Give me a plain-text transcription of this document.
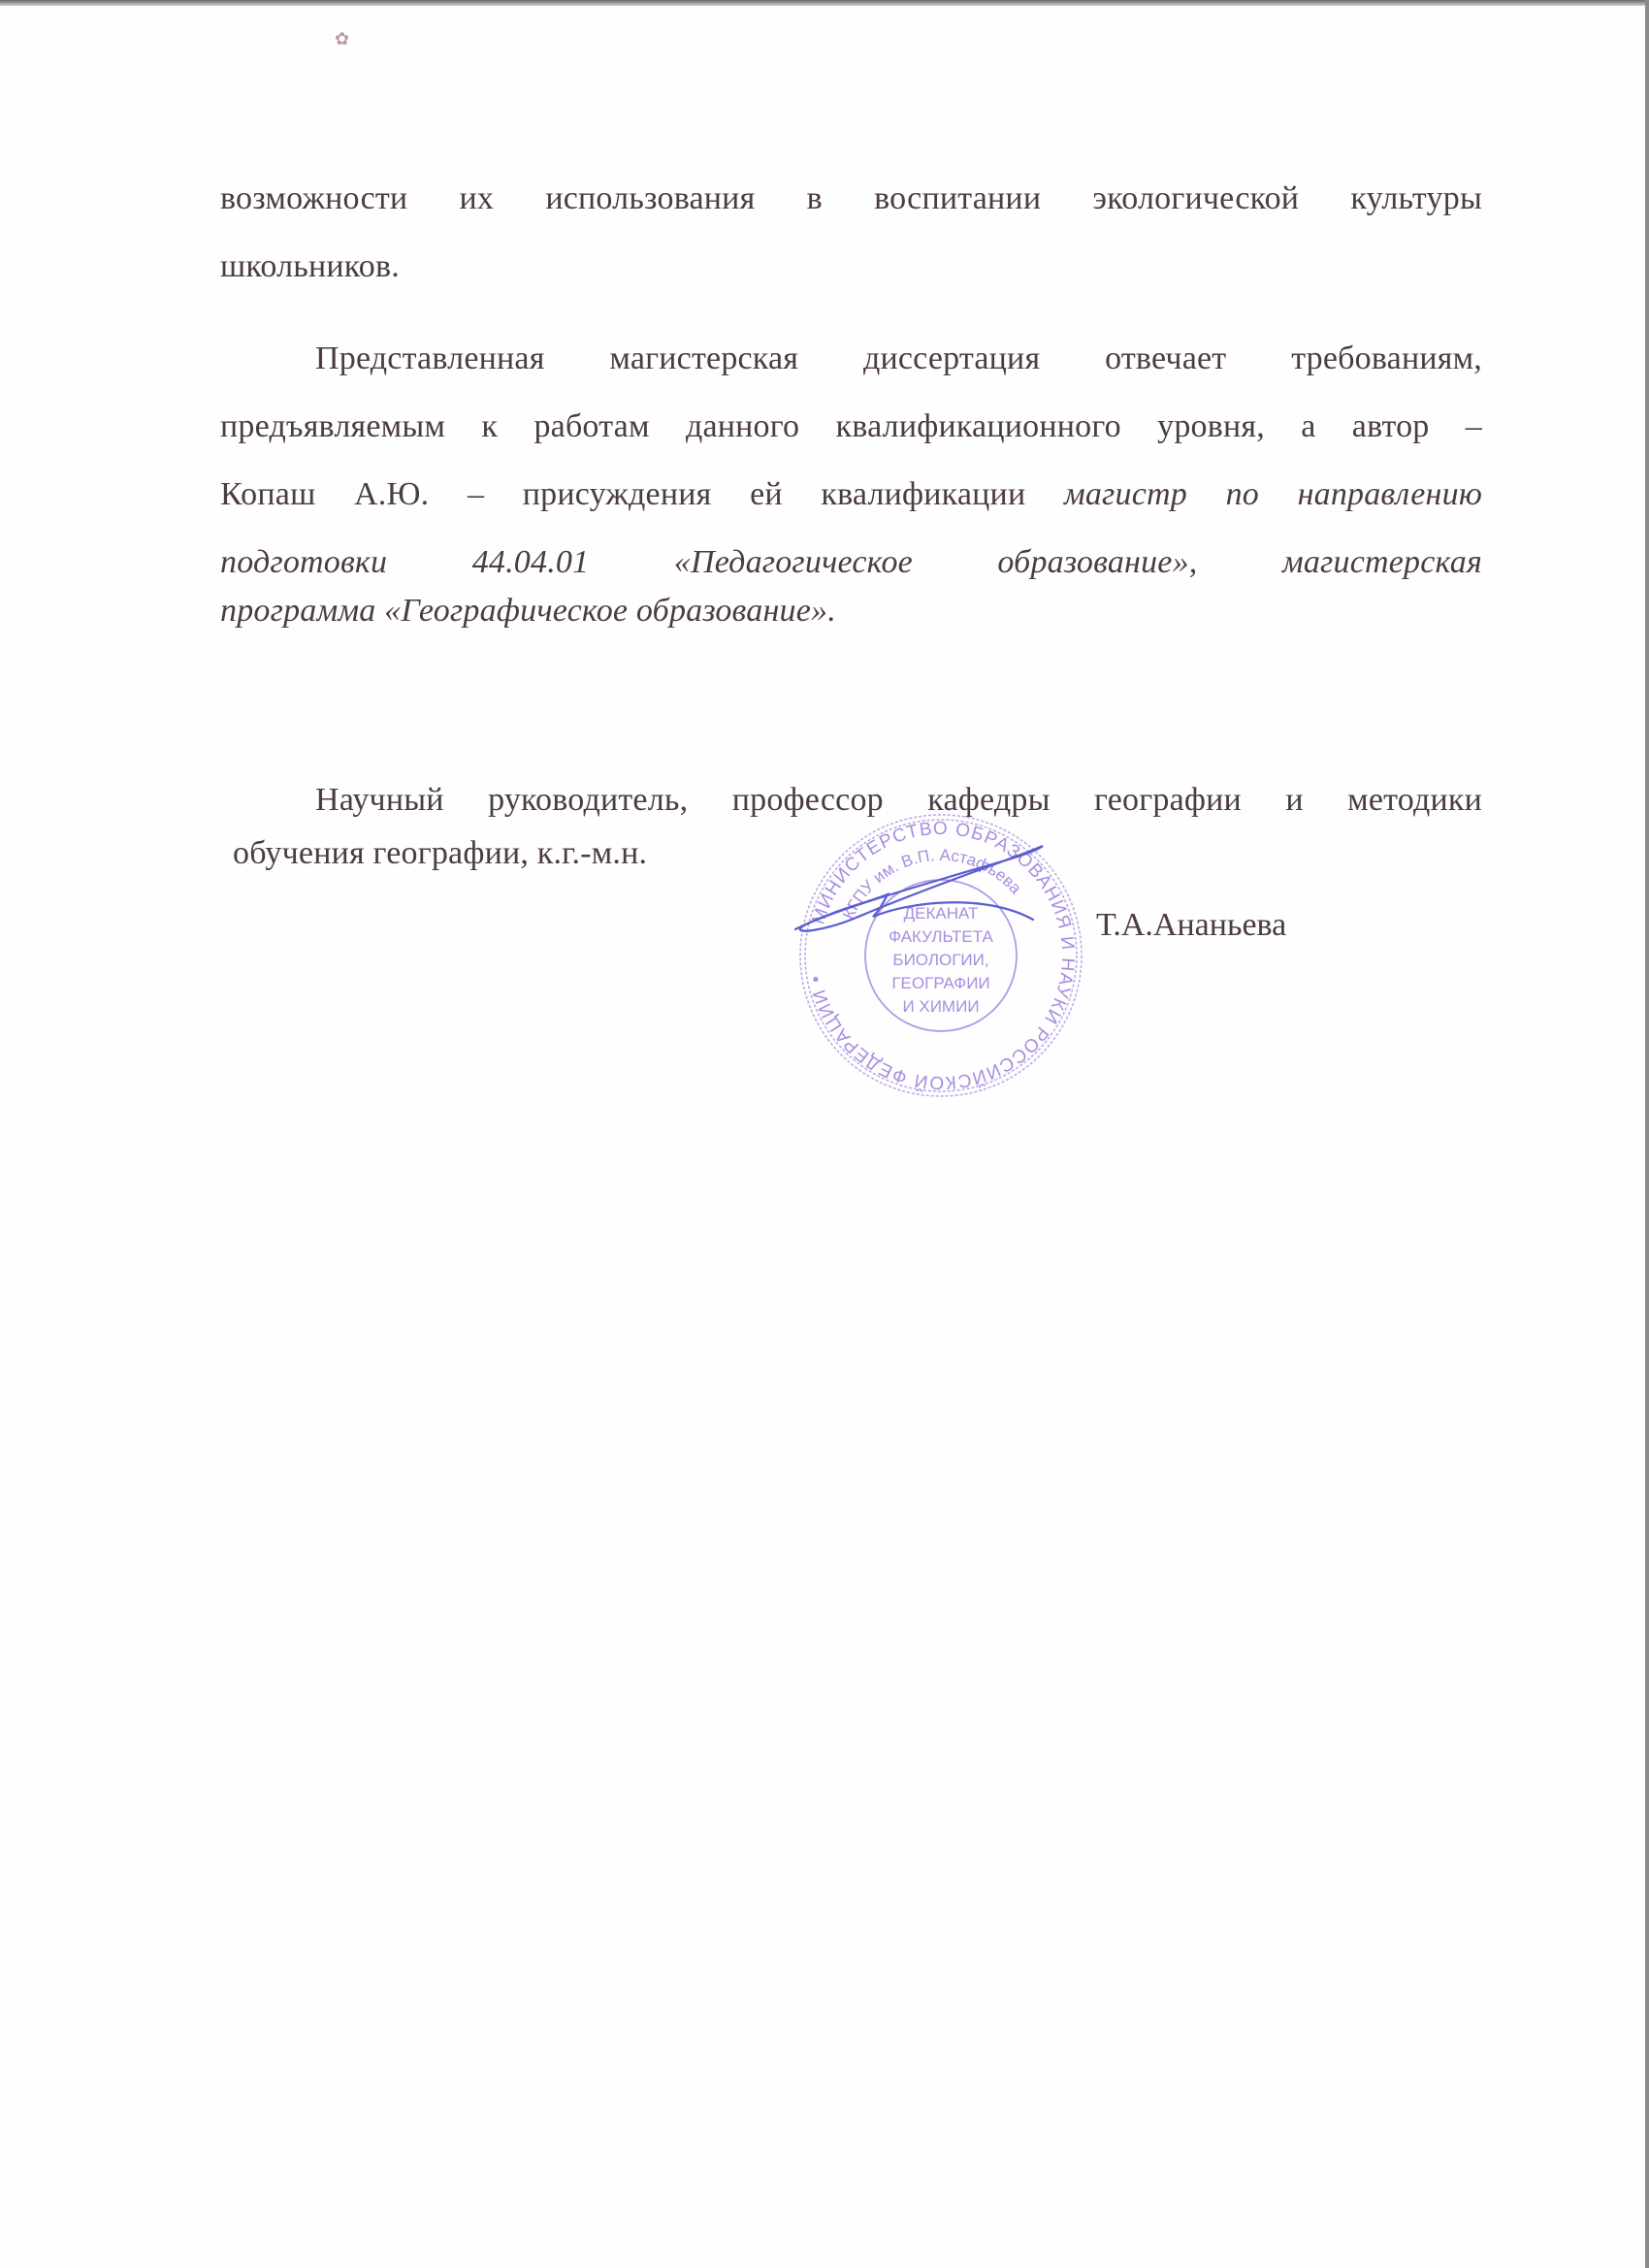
✿
возможности их использования в воспитании экологической культуры
школьников.
Представленная магистерская диссертация отвечает требованиям,
предъявляемым к работам данного квалификационного уровня, а автор –
Копаш А.Ю. – присуждения ей квалификации магистр по направлению
подготовки 44.04.01 «Педагогическое образование», магистерская
программа «Географическое образование».
Научный руководитель, профессор кафедры географии и методики
обучения географии, к.г.-м.н.
МИНИСТЕРСТВО ОБРАЗОВАНИЯ И НАУКИ РОССИЙСКОЙ ФЕДЕРАЦИИ •
КГПУ им. В.П. Астафьева
ДЕКАНАТ
ФАКУЛЬТЕТА
БИОЛОГИИ,
ГЕОГРАФИИ
И ХИМИИ
Т.А.Ананьева
